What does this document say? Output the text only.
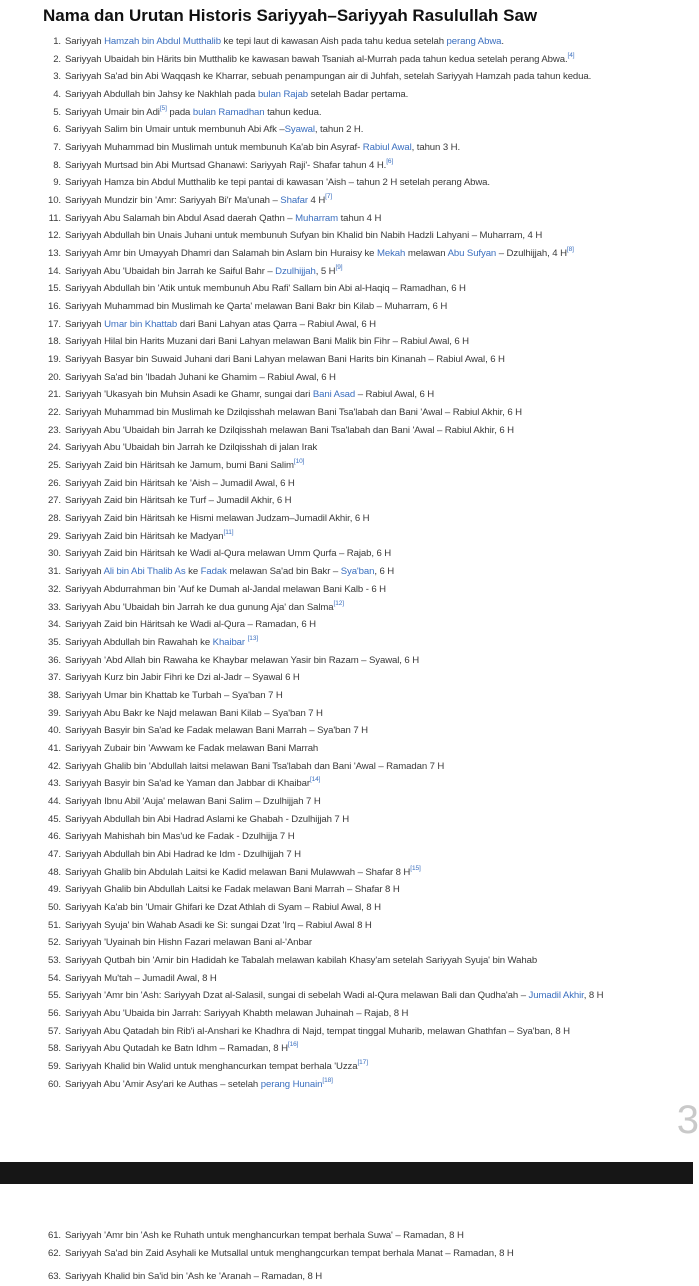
Nama dan Urutan Historis Sariyyah–Sariyyah Rasulullah Saw
1. Sariyyah Hamzah bin Abdul Mutthalib ke tepi laut di kawasan Aish pada tahu kedua setelah perang Abwa.
2. Sariyyah Ubaidah bin Härits bin Mutthalib ke kawasan bawah Tsaniah al-Murrah pada tahun kedua setelah perang Abwa.[4]
3. Sariyyah Sa'ad bin Abi Waqqash ke Kharrar, sebuah penampungan air di Juhfah, setelah Sariyyah Hamzah pada tahun kedua.
4. Sariyyah Abdullah bin Jahsy ke Nakhlah pada bulan Rajab setelah Badar pertama.
5. Sariyyah Umair bin Adi[5] pada bulan Ramadhan tahun kedua.
6. Sariyyah Salim bin Umair untuk membunuh Abi Afk –Syawal, tahun 2 H.
7. Sariyyah Muhammad bin Muslimah untuk membunuh Ka'ab bin Asyraf- Rabiul Awal, tahun 3 H.
8. Sariyyah Murtsad bin Abi Murtsad Ghanawi: Sariyyah Raji'- Shafar tahun 4 H.[6]
9. Sariyyah Hamza bin Abdul Mutthalib ke tepi pantai di kawasan 'Aish – tahun 2 H setelah perang Abwa.
10. Sariyyah Mundzir bin 'Amr: Sariyyah Bi'r Ma'unah – Shafar 4 H[7]
11. Sariyyah Abu Salamah bin Abdul Asad daerah Qathn – Muharram tahun 4 H
12. Sariyyah Abdullah bin Unais Juhani untuk membunuh Sufyan bin Khalid bin Nabih Hadzli Lahyani – Muharram, 4 H
13. Sariyyah Amr bin Umayyah Dhamri dan Salamah bin Aslam bin Huraisy ke Mekah melawan Abu Sufyan – Dzulhijjah, 4 H[8]
14. Sariyyah Abu 'Ubaidah bin Jarrah ke Saiful Bahr – Dzulhijjah, 5 H[9]
15. Sariyyah Abdullah bin 'Atik untuk membunuh Abu Rafi' Sallam bin Abi al-Haqiq – Ramadhan, 6 H
16. Sariyyah Muhammad bin Muslimah ke Qarta' melawan Bani Bakr bin Kilab – Muharram, 6 H
17. Sariyyah Umar bin Khattab dari Bani Lahyan atas Qarra – Rabiul Awal, 6 H
18. Sariyyah Hilal bin Harits Muzani dari Bani Lahyan melawan Bani Malik bin Fihr – Rabiul Awal, 6 H
19. Sariyyah Basyar bin Suwaid Juhani dari Bani Lahyan melawan Bani Harits bin Kinanah – Rabiul Awal, 6 H
20. Sariyyah Sa'ad bin 'Ibadah Juhani ke Ghamim – Rabiul Awal, 6 H
21. Sariyyah 'Ukasyah bin Muhsin Asadi ke Ghamr, sungai dari Bani Asad – Rabiul Awal, 6 H
22. Sariyyah Muhammad bin Muslimah ke Dzilqisshah melawan Bani Tsa'labah dan Bani 'Awal – Rabiul Akhir, 6 H
23. Sariyyah Abu 'Ubaidah bin Jarrah ke Dzilqisshah melawan Bani Tsa'labah dan Bani 'Awal – Rabiul Akhir, 6 H
24. Sariyyah Abu 'Ubaidah bin Jarrah ke Dzilqisshah di jalan Irak
25. Sariyyah Zaid bin Häritsah ke Jamum, bumi Bani Salim[10]
26. Sariyyah Zaid bin Häritsah ke 'Aish – Jumadil Awal, 6 H
27. Sariyyah Zaid bin Häritsah ke Turf – Jumadil Akhir, 6 H
28. Sariyyah Zaid bin Häritsah ke Hismi melawan Judzam–Jumadil Akhir, 6 H
29. Sariyyah Zaid bin Häritsah ke Madyan[11]
30. Sariyyah Zaid bin Häritsah ke Wadi al-Qura melawan Umm Qurfa – Rajab, 6 H
31. Sariyyah Ali bin Abi Thalib As ke Fadak melawan Sa'ad bin Bakr – Sya'ban, 6 H
32. Sariyyah Abdurrahman bin 'Auf ke Dumah al-Jandal melawan Bani Kalb - 6 H
33. Sariyyah Abu 'Ubaidah bin Jarrah ke dua gunung Aja' dan Salma[12]
34. Sariyyah Zaid bin Häritsah ke Wadi al-Qura – Ramadan, 6 H
35. Sariyyah Abdullah bin Rawahah ke Khaibar [13]
36. Sariyyah 'Abd Allah bin Rawaha ke Khaybar melawan Yasir bin Razam – Syawal, 6 H
37. Sariyyah Kurz bin Jabir Fihri ke Dzi al-Jadr – Syawal 6 H
38. Sariyyah Umar bin Khattab ke Turbah – Sya'ban 7 H
39. Sariyyah Abu Bakr ke Najd melawan Bani Kilab – Sya'ban 7 H
40. Sariyyah Basyir bin Sa'ad ke Fadak melawan Bani Marrah – Sya'ban 7 H
41. Sariyyah Zubair bin 'Awwam ke Fadak melawan Bani Marrah
42. Sariyyah Ghalib bin 'Abdullah laitsi melawan Bani Tsa'labah dan Bani 'Awal – Ramadan 7 H
43. Sariyyah Basyir bin Sa'ad ke Yaman dan Jabbar di Khaibar[14]
44. Sariyyah Ibnu Abil 'Auja' melawan Bani Salim – Dzulhijjah 7 H
45. Sariyyah Abdullah bin Abi Hadrad Aslami ke Ghabah - Dzulhijjah 7 H
46. Sariyyah Mahishah bin Mas'ud ke Fadak - Dzulhijja 7 H
47. Sariyyah Abdullah bin Abi Hadrad ke Idm - Dzulhijjah 7 H
48. Sariyyah Ghalib bin Abdulah Laitsi ke Kadid melawan Bani Mulawwah – Shafar 8 H[15]
49. Sariyyah Ghalib bin Abdullah Laitsi ke Fadak melawan Bani Marrah – Shafar 8 H
50. Sariyyah Ka'ab bin 'Umair Ghifari ke Dzat Athlah di Syam – Rabiul Awal, 8 H
51. Sariyyah Syuja' bin Wahab Asadi ke Si: sungai Dzat 'Irq – Rabiul Awal 8 H
52. Sariyyah 'Uyainah bin Hishn Fazari melawan Bani al-'Anbar
53. Sariyyah Qutbah bin 'Amir bin Hadidah ke Tabalah melawan kabilah Khasy'am setelah Sariyyah Syuja' bin Wahab
54. Sariyyah Mu'tah – Jumadil Awal, 8 H
55. Sariyyah 'Amr bin 'Ash: Sariyyah Dzat al-Salasil, sungai di sebelah Wadi al-Qura melawan Bali dan Qudha'ah – Jumadil Akhir, 8 H
56. Sariyyah Abu 'Ubaida bin Jarrah: Sariyyah Khabth melawan Juhainah – Rajab, 8 H
57. Sariyyah Abu Qatadah bin Rib'i al-Anshari ke Khadhra di Najd, tempat tinggal Muharib, melawan Ghathfan – Sya'ban, 8 H
58. Sariyyah Abu Qutadah ke Batn Idhm – Ramadan, 8 H[16]
59. Sariyyah Khalid bin Walid untuk menghancurkan tempat berhala 'Uzza[17]
60. Sariyyah Abu 'Amir Asy'ari ke Authas – setelah perang Hunain[18]
3
61. Sariyyah 'Amr bin 'Ash ke Ruhath untuk menghancurkan tempat berhala Suwa' – Ramadan, 8 H
62. Sariyyah Sa'ad bin Zaid Asyhali ke Mutsallal untuk menghangcurkan tempat berhala Manat – Ramadan, 8 H
63. Sariyyah Khalid bin Sa'id bin 'Ash ke 'Aranah – Ramadan, 8 H
